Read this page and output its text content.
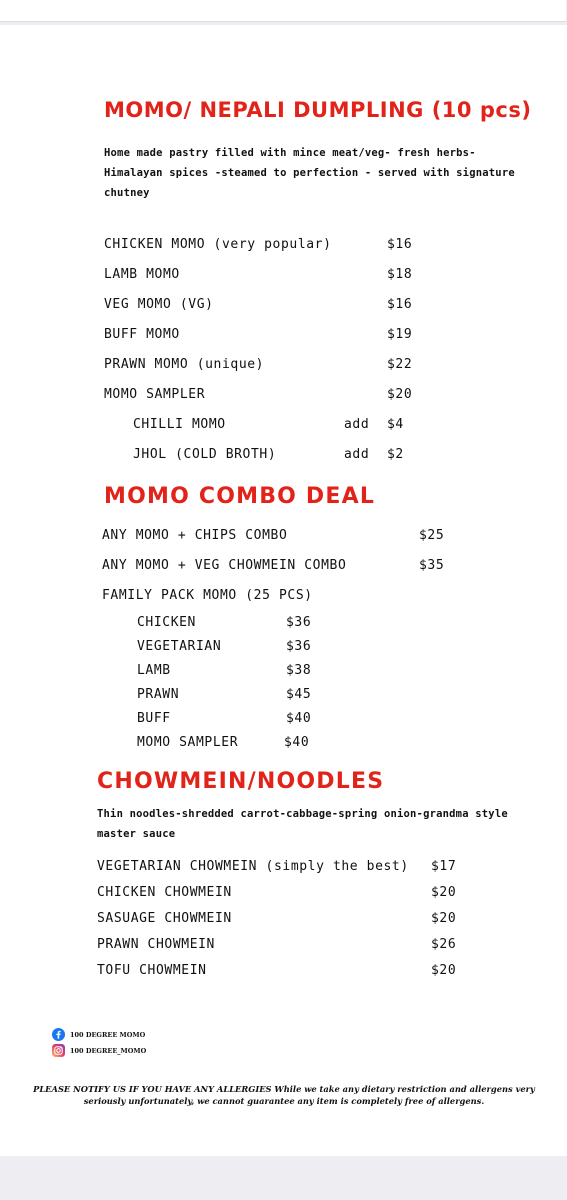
MOMO/ NEPALI DUMPLING (10 pcs)
Home made pastry filled with mince meat/veg- fresh herbs- Himalayan spices -steamed to perfection - served with signature chutney
CHICKEN MOMO (very popular)	$16
LAMB MOMO	$18
VEG MOMO (VG)	$16
BUFF MOMO	$19
PRAWN MOMO (unique)	$22
MOMO SAMPLER	$20
CHILLI MOMO	add $4
JHOL (COLD BROTH)	add $2
MOMO COMBO DEAL
ANY MOMO + CHIPS COMBO	$25
ANY MOMO + VEG CHOWMEIN COMBO	$35
FAMILY PACK MOMO (25 PCS)
CHICKEN	$36
VEGETARIAN	$36
LAMB	$38
PRAWN	$45
BUFF	$40
MOMO SAMPLER	$40
CHOWMEIN/NOODLES
Thin noodles-shredded carrot-cabbage-spring onion-grandma style master sauce
VEGETARIAN CHOWMEIN (simply the best) $17
CHICKEN CHOWMEIN	$20
SASUAGE CHOWMEIN	$20
PRAWN CHOWMEIN	$26
TOFU CHOWMEIN	$20
100 DEGREE MOMO
100 DEGREE_MOMO
PLEASE NOTIFY US IF YOU HAVE ANY ALLERGIES While we take any dietary restriction and allergens very seriously unfortunately, we cannot guarantee any item is completely free of allergens.
